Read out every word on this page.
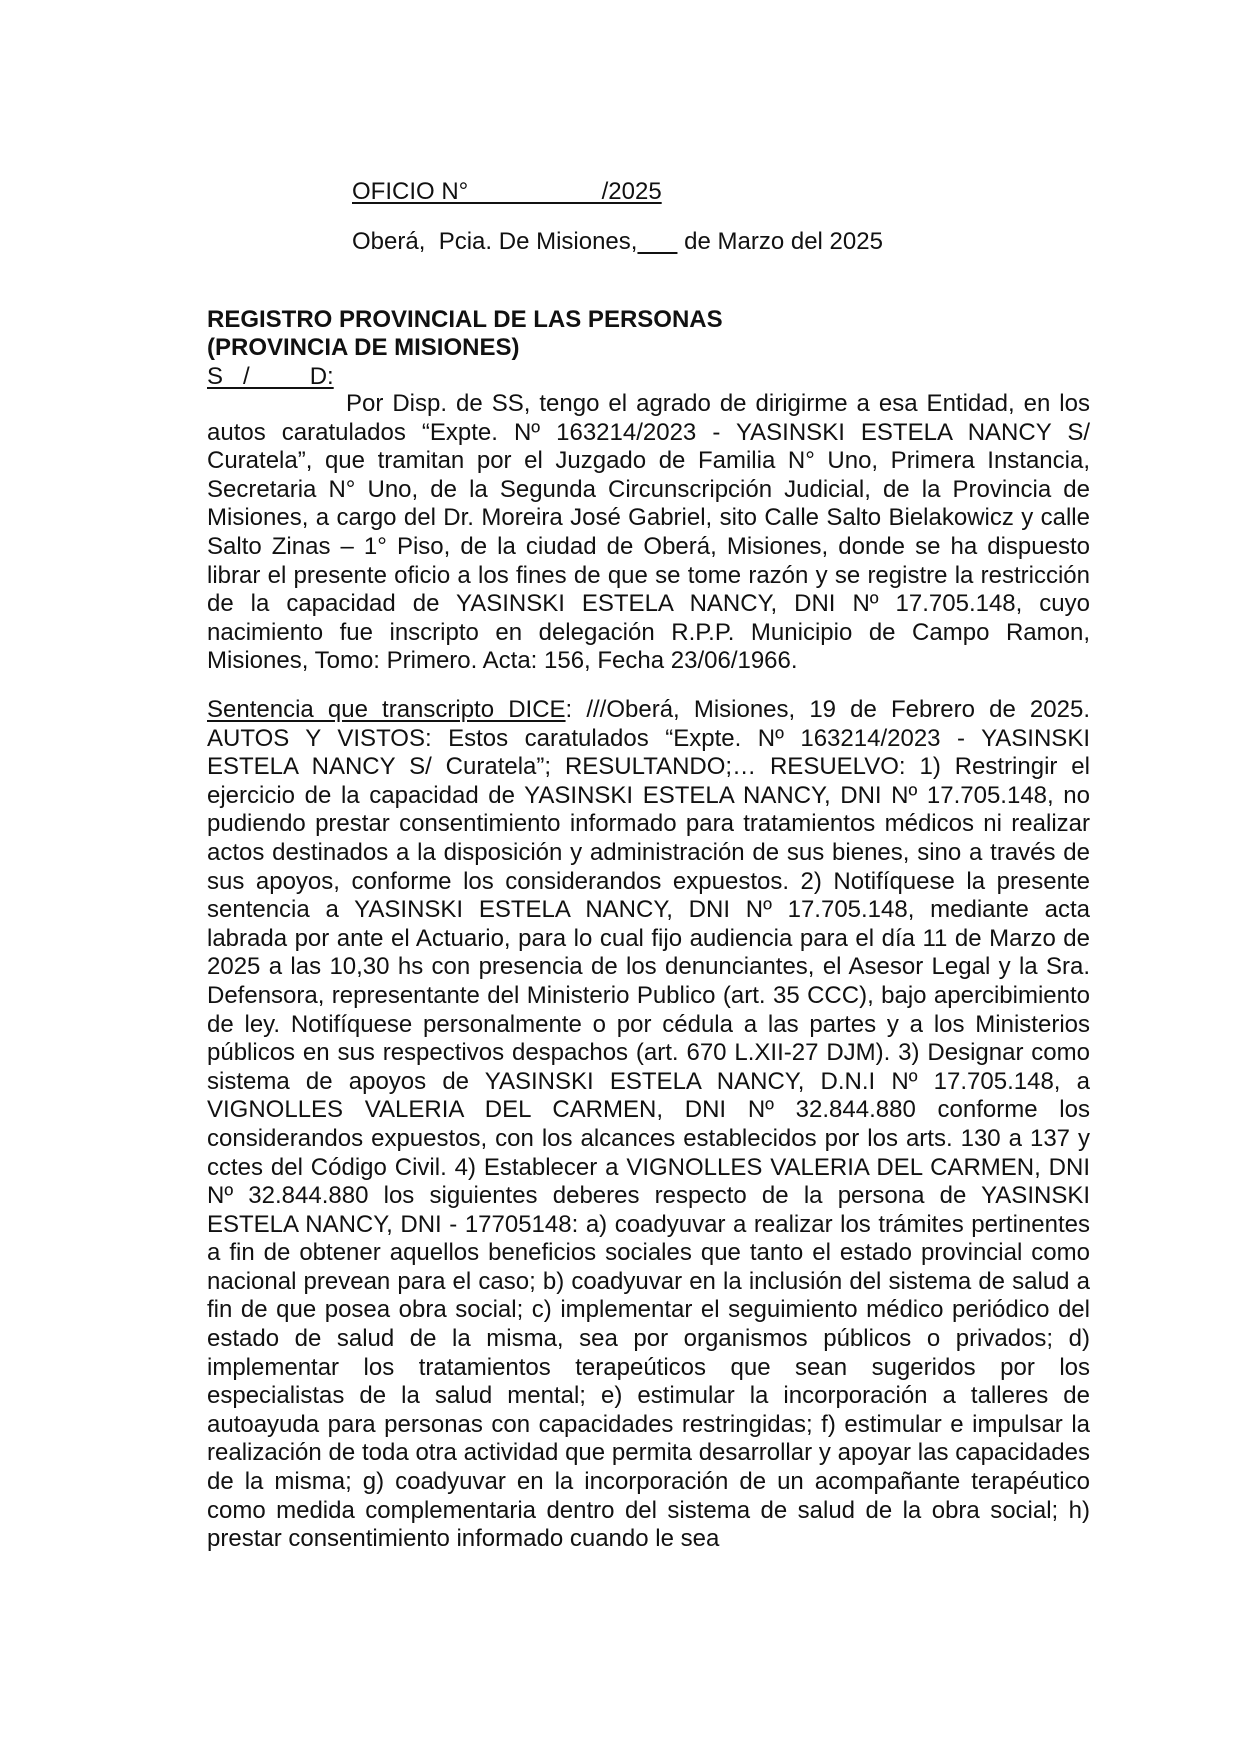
OFICIO N°                    /2025
Oberá,  Pcia. De Misiones,       de Marzo del 2025
REGISTRO PROVINCIAL DE LAS PERSONAS
(PROVINCIA DE MISIONES)
S   /         D:

Por Disp. de SS, tengo el agrado de dirigirme a esa Entidad, en los autos caratulados “Expte. Nº 163214/2023 - YASINSKI ESTELA NANCY S/ Curatela”, que tramitan por el Juzgado de Familia N° Uno, Primera Instancia, Secretaria N° Uno, de la Segunda Circunscripción Judicial, de la Provincia de Misiones, a cargo del Dr. Moreira José Gabriel, sito Calle Salto Bielakowicz y calle Salto Zinas – 1° Piso, de la ciudad de Oberá, Misiones, donde se ha dispuesto librar el presente oficio a los fines de que se tome razón y se registre la restricción de la capacidad de YASINSKI ESTELA NANCY, DNI Nº 17.705.148, cuyo nacimiento fue inscripto en delegación R.P.P. Municipio de Campo Ramon, Misiones, Tomo: Primero. Acta: 156, Fecha 23/06/1966.

Sentencia que transcripto DICE: ///Oberá, Misiones, 19 de Febrero de 2025. AUTOS Y VISTOS: Estos caratulados “Expte. Nº 163214/2023 - YASINSKI ESTELA NANCY S/ Curatela”; RESULTANDO;… RESUELVO: 1) Restringir el ejercicio de la capacidad de YASINSKI ESTELA NANCY, DNI Nº 17.705.148, no pudiendo prestar consentimiento informado para tratamientos médicos ni realizar actos destinados a la disposición y administración de sus bienes, sino a través de sus apoyos, conforme los considerandos expuestos. 2) Notifíquese la presente sentencia a YASINSKI ESTELA NANCY, DNI Nº 17.705.148, mediante acta labrada por ante el Actuario, para lo cual fijo audiencia para el día 11 de Marzo de 2025 a las 10,30 hs con presencia de los denunciantes, el Asesor Legal y la Sra. Defensora, representante del Ministerio Publico (art. 35 CCC), bajo apercibimiento de ley. Notifíquese personalmente o por cédula a las partes y a los Ministerios públicos en sus respectivos despachos (art. 670 L.XII-27 DJM). 3) Designar como sistema de apoyos de YASINSKI ESTELA NANCY, D.N.I Nº 17.705.148, a VIGNOLLES VALERIA DEL CARMEN, DNI Nº 32.844.880 conforme los considerandos expuestos, con los alcances establecidos por los arts. 130 a 137 y cctes del Código Civil. 4) Establecer a VIGNOLLES VALERIA DEL CARMEN, DNI Nº 32.844.880 los siguientes deberes respecto de la persona de YASINSKI ESTELA NANCY, DNI - 17705148: a) coadyuvar a realizar los trámites pertinentes a fin de obtener aquellos beneficios sociales que tanto el estado provincial como nacional prevean para el caso; b) coadyuvar en la inclusión del sistema de salud a fin de que posea obra social; c) implementar el seguimiento médico periódico del estado de salud de la misma, sea por organismos públicos o privados; d) implementar los tratamientos terapeúticos que sean sugeridos por los especialistas de la salud mental; e) estimular la incorporación a talleres de autoayuda para personas con capacidades restringidas; f) estimular e impulsar la realización de toda otra actividad que permita desarrollar y apoyar las capacidades de la misma; g) coadyuvar en la incorporación de un acompañante terapéutico como medida complementaria dentro del sistema de salud de la obra social; h) prestar consentimiento informado cuando le sea
